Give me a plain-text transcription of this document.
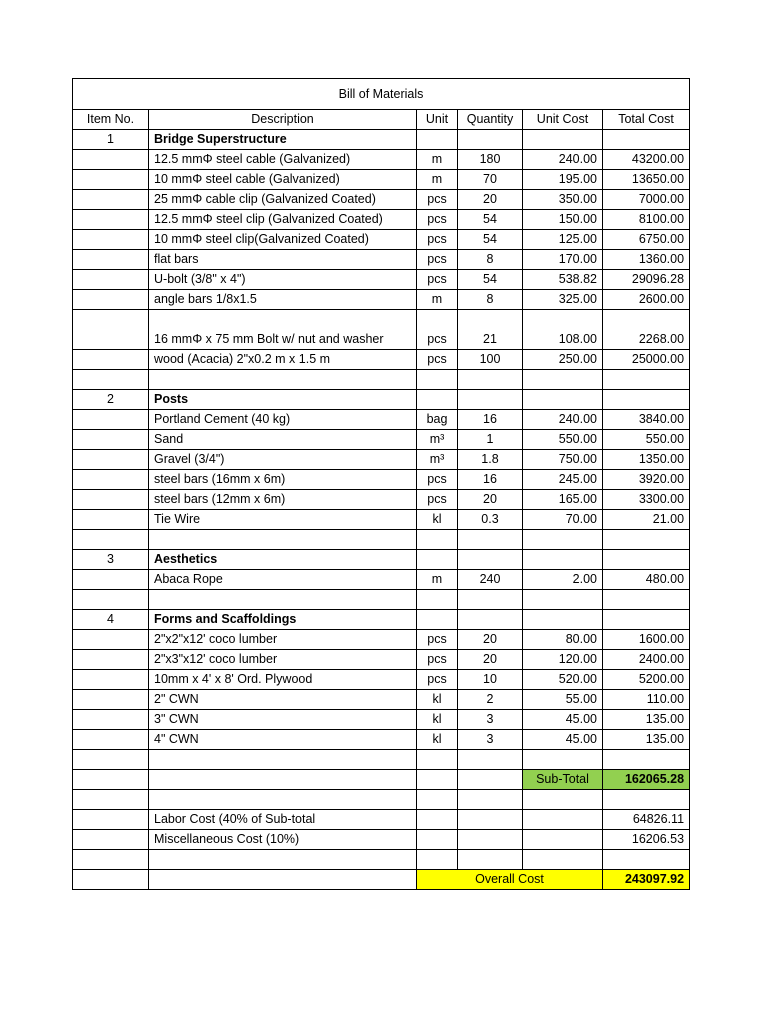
Bill of Materials					
Item No.	Description	Unit	Quantity	Unit Cost	Total Cost
1	Bridge Superstructure				
	12.5 mmΦ steel cable (Galvanized)	m	180	240.00	43200.00
	10 mmΦ steel cable (Galvanized)	m	70	195.00	13650.00
	25 mmΦ cable clip (Galvanized Coated)	pcs	20	350.00	7000.00
	12.5 mmΦ steel clip (Galvanized Coated)	pcs	54	150.00	8100.00
	10 mmΦ steel clip(Galvanized Coated)	pcs	54	125.00	6750.00
	flat bars	pcs	8	170.00	1360.00
	U-bolt (3/8" x 4")	pcs	54	538.82	29096.28
	angle bars 1/8x1.5	m	8	325.00	2600.00
	16 mmΦ x 75 mm Bolt w/ nut and washer	pcs	21	108.00	2268.00
	wood (Acacia) 2"x0.2 m x 1.5 m	pcs	100	250.00	25000.00

2	Posts				
	Portland Cement (40 kg)	bag	16	240.00	3840.00
	Sand	m³	1	550.00	550.00
	Gravel (3/4")	m³	1.8	750.00	1350.00
	steel bars (16mm x 6m)	pcs	16	245.00	3920.00
	steel bars (12mm x 6m)	pcs	20	165.00	3300.00
	Tie Wire	kl	0.3	70.00	21.00

3	Aesthetics				
	Abaca Rope	m	240	2.00	480.00

4	Forms and Scaffoldings				
	2"x2"x12' coco lumber	pcs	20	80.00	1600.00
	2"x3"x12' coco lumber	pcs	20	120.00	2400.00
	10mm x 4' x 8' Ord. Plywood	pcs	10	520.00	5200.00
	2" CWN	kl	2	55.00	110.00
	3" CWN	kl	3	45.00	135.00
	4" CWN	kl	3	45.00	135.00

				Sub-Total	162065.28

	Labor Cost (40% of Sub-total				64826.11
	Miscellaneous Cost (10%)				16206.53

		Overall Cost			243097.92
